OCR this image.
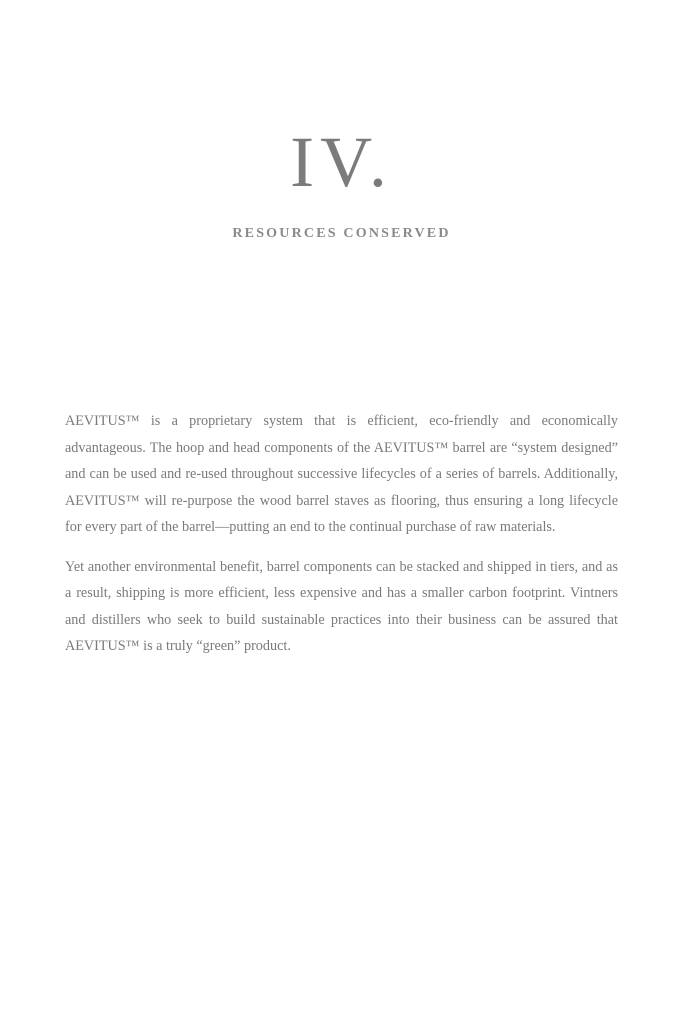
IV.
RESOURCES CONSERVED

AEVITUS™ is a proprietary system that is efficient, eco-friendly and economically advantageous. The hoop and head components of the AEVITUS™ barrel are “system designed” and can be used and re-used throughout successive lifecycles of a series of barrels. Additionally, AEVITUS™ will re-purpose the wood barrel staves as flooring, thus ensuring a long lifecycle for every part of the barrel—putting an end to the continual purchase of raw materials.

Yet another environmental benefit, barrel components can be stacked and shipped in tiers, and as a result, shipping is more efficient, less expensive and has a smaller carbon footprint. Vintners and distillers who seek to build sustainable practices into their business can be assured that AEVITUS™ is a truly “green” product.
